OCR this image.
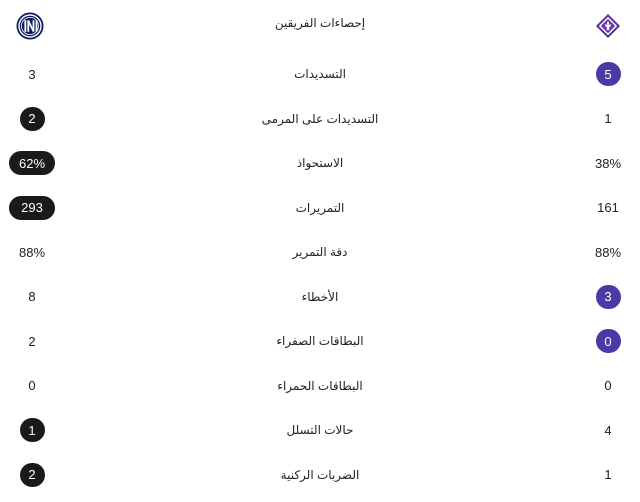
إحصاءات الفريقين
3	التسديدات	5
2	التسديدات على المرمى	1
62%	الاستحواذ	38%
293	التمريرات	161
88%	دقة التمرير	88%
8	الأخطاء	3
2	البطاقات الصفراء	0
0	البطاقات الحمراء	0
1	حالات التسلل	4
2	الضربات الركنية	1
